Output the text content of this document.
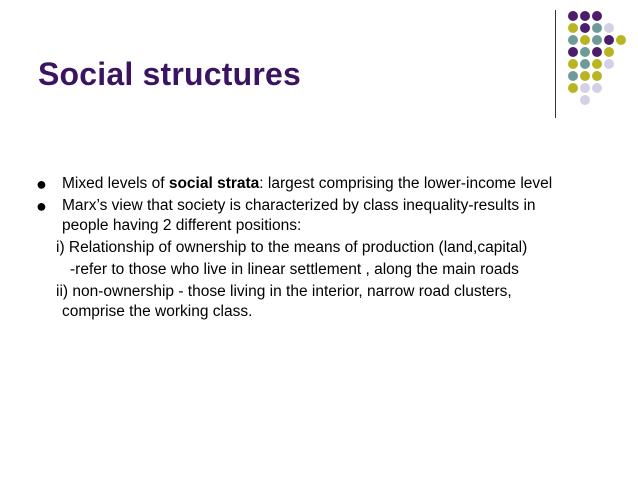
Social structures
● Mixed levels of social strata: largest comprising the lower-income level
● Marx’s view that society is characterized by class inequality-results in
people having 2 different positions:
i) Relationship of ownership to the means of production (land,capital)
-refer to those who live in linear settlement , along the main roads
ii) non-ownership - those living in the interior, narrow road clusters,
comprise the working class.
